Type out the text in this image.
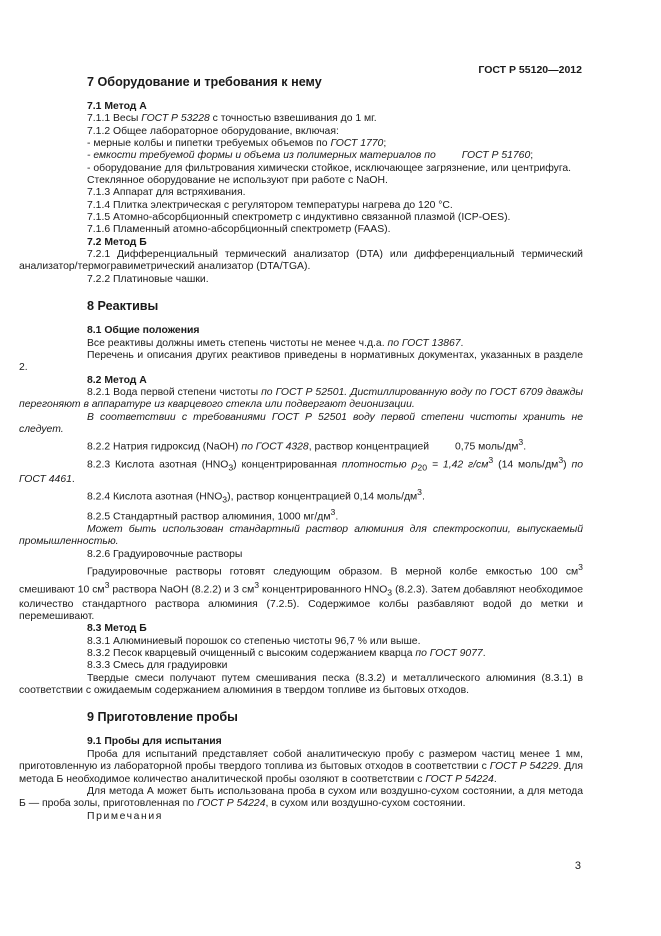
ГОСТ Р 55120—2012
7 Оборудование и требования к нему

7.1 Метод А

7.1.1 Весы ГОСТ Р 53228 с точностью взвешивания до 1 мг.

7.1.2 Общее лабораторное оборудование, включая:

- мерные колбы и пипетки требуемых объемов по ГОСТ 1770;

- емкости требуемой формы и объема из полимерных материалов по	ГОСТ Р 51760;

- оборудование для фильтрования химически стойкое, исключающее загрязнение, или центрифуга.

Стеклянное оборудование не используют при работе с NaOH.

7.1.3 Аппарат для встряхивания.

7.1.4 Плитка электрическая с регулятором температуры нагрева до 120 °С.

7.1.5 Атомно-абсорбционный спектрометр с индуктивно связанной плазмой (ICP-OES).

7.1.6 Пламенный атомно-абсорбционный спектрометр (FAAS).

7.2 Метод Б

7.2.1 Дифференциальный термический анализатор (DTA) или дифференциальный термический анализатор/термогравиметрический анализатор (DTA/TGA).

7.2.2 Платиновые чашки.

8 Реактивы

8.1 Общие положения

Все реактивы должны иметь степень чистоты не менее ч.д.а. по ГОСТ 13867.

Перечень и описания других реактивов приведены в нормативных документах, указанных в разделе 2.

8.2 Метод А

8.2.1 Вода первой степени чистоты по ГОСТ Р 52501. Дистиллированную воду по ГОСТ 6709 дважды перегоняют в аппаратуре из кварцевого стекла или подвергают деионизации.

В соответствии с требованиями ГОСТ Р 52501 воду первой степени чистоты хранить не следует.

8.2.2 Натрия гидроксид (NaOH) по ГОСТ 4328, раствор концентрацией	0,75 моль/$дм^3$.

8.2.3 Кислота азотная $(HNO_3)$ концентрированная плотностью $\rho_{20} = 1,42$ $г/см^3$ (14 моль/$дм^3$) по ГОСТ 4461.

8.2.4 Кислота азотная $(HNO_3)$, раствор концентрацией 0,14 моль/$дм^3$.

8.2.5 Стандартный раствор алюминия, 1000 $мг/дм^3$.

Может быть использован стандартный раствор алюминия для спектроскопии, выпускаемый промышленностью.

8.2.6 Градуировочные растворы

Градуировочные растворы готовят следующим образом. В мерной колбе емкостью 100 $см^3$ смешивают 10 $см^3$ раствора NaOH (8.2.2) и 3 $см^3$ концентрированного $HNO_3$ (8.2.3). Затем добавляют необходимое количество стандартного раствора алюминия (7.2.5). Содержимое колбы разбавляют водой до метки и перемешивают.

8.3 Метод Б

8.3.1 Алюминиевый порошок со степенью чистоты 96,7 % или выше.

8.3.2 Песок кварцевый очищенный с высоким содержанием кварца по ГОСТ 9077.

8.3.3 Смесь для градуировки

Твердые смеси получают путем смешивания песка (8.3.2) и металлического алюминия (8.3.1) в соответствии с ожидаемым содержанием алюминия в твердом топливе из бытовых отходов.

9 Приготовление пробы

9.1 Пробы для испытания

Проба для испытаний представляет собой аналитическую пробу с размером частиц менее 1 мм, приготовленную из лабораторной пробы твердого топлива из бытовых отходов в соответствии с ГОСТ Р 54229. Для метода Б необходимое количество аналитической пробы озоляют в соответствии с ГОСТ Р 54224.

Для метода А может быть использована проба в сухом или воздушно-сухом состоянии, а для метода Б — проба золы, приготовленная по ГОСТ Р 54224, в сухом или воздушно-сухом состоянии.

Примечания

3
